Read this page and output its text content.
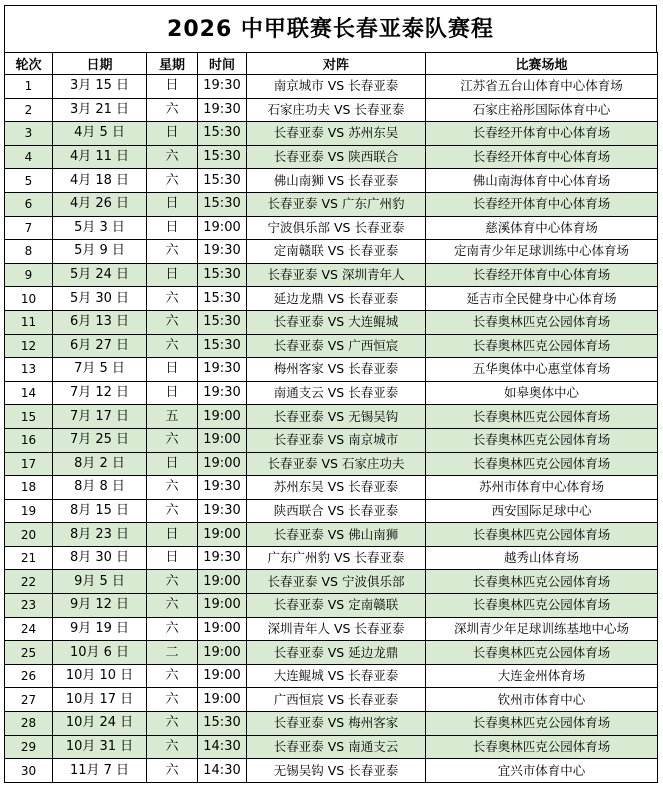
2026 中甲联赛长春亚泰队赛程
轮次	日期	星期	时间	对阵	比赛场地
1	3月 15 日	日	19:30	南京城市 VS 长春亚泰	江苏省五台山体育中心体育场
2	3月 21 日	六	19:30	石家庄功夫 VS 长春亚泰	石家庄裕彤国际体育中心
3	4月 5 日	日	15:30	长春亚泰 VS 苏州东吴	长春经开体育中心体育场
4	4月 11 日	六	15:30	长春亚泰 VS 陕西联合	长春经开体育中心体育场
5	4月 18 日	六	15:30	佛山南狮 VS 长春亚泰	佛山南海体育中心体育场
6	4月 26 日	日	15:30	长春亚泰 VS 广东广州豹	长春经开体育中心体育场
7	5月 3 日	日	19:00	宁波俱乐部 VS 长春亚泰	慈溪体育中心体育场
8	5月 9 日	六	19:30	定南赣联 VS 长春亚泰	定南青少年足球训练中心体育场
9	5月 24 日	日	15:30	长春亚泰 VS 深圳青年人	长春经开体育中心体育场
10	5月 30 日	六	15:30	延边龙鼎 VS 长春亚泰	延吉市全民健身中心体育场
11	6月 13 日	六	15:30	长春亚泰 VS 大连鲲城	长春奥林匹克公园体育场
12	6月 27 日	六	15:30	长春亚泰 VS 广西恒宸	长春奥林匹克公园体育场
13	7月 5 日	日	19:30	梅州客家 VS 长春亚泰	五华奥体中心惠堂体育场
14	7月 12 日	日	19:30	南通支云 VS 长春亚泰	如皋奥体中心
15	7月 17 日	五	19:00	长春亚泰 VS 无锡吴钩	长春奥林匹克公园体育场
16	7月 25 日	六	19:00	长春亚泰 VS 南京城市	长春奥林匹克公园体育场
17	8月 2 日	日	19:00	长春亚泰 VS 石家庄功夫	长春奥林匹克公园体育场
18	8月 8 日	六	19:30	苏州东吴 VS 长春亚泰	苏州市体育中心体育场
19	8月 15 日	六	19:30	陕西联合 VS 长春亚泰	西安国际足球中心
20	8月 23 日	日	19:00	长春亚泰 VS 佛山南狮	长春奥林匹克公园体育场
21	8月 30 日	日	19:30	广东广州豹 VS 长春亚泰	越秀山体育场
22	9月 5 日	六	19:00	长春亚泰 VS 宁波俱乐部	长春奥林匹克公园体育场
23	9月 12 日	六	19:00	长春亚泰 VS 定南赣联	长春奥林匹克公园体育场
24	9月 19 日	六	19:00	深圳青年人 VS 长春亚泰	深圳青少年足球训练基地中心场
25	10月 6 日	二	19:00	长春亚泰 VS 延边龙鼎	长春奥林匹克公园体育场
26	10月 10 日	六	19:00	大连鲲城 VS 长春亚泰	大连金州体育场
27	10月 17 日	六	19:00	广西恒宸 VS 长春亚泰	钦州市体育中心
28	10月 24 日	六	15:30	长春亚泰 VS 梅州客家	长春奥林匹克公园体育场
29	10月 31 日	六	14:30	长春亚泰 VS 南通支云	长春奥林匹克公园体育场
30	11月 7 日	六	14:30	无锡吴钩 VS 长春亚泰	宜兴市体育中心
